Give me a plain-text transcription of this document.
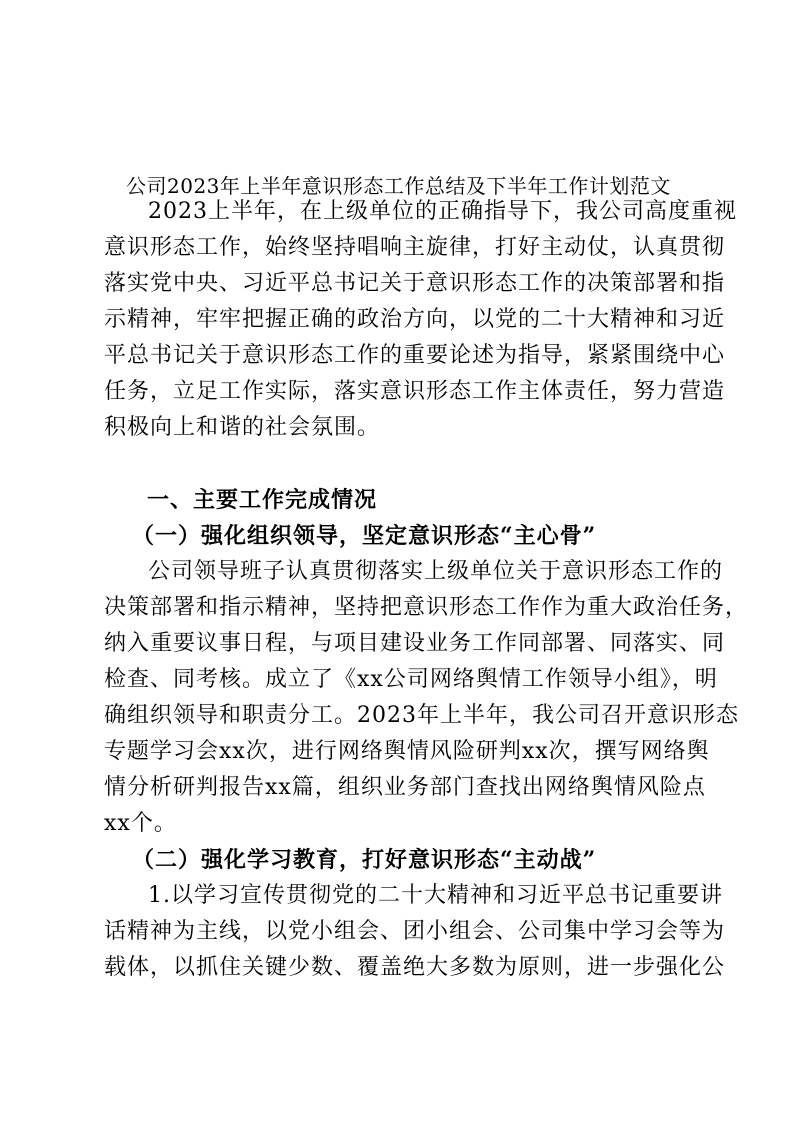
公司2023年上半年意识形态工作总结及下半年工作计划范文
2023上半年，在上级单位的正确指导下，我公司高度重视
意识形态工作，始终坚持唱响主旋律，打好主动仗，认真贯彻
落实党中央、习近平总书记关于意识形态工作的决策部署和指
示精神，牢牢把握正确的政治方向，以党的二十大精神和习近
平总书记关于意识形态工作的重要论述为指导，紧紧围绕中心
任务，立足工作实际，落实意识形态工作主体责任，努力营造
积极向上和谐的社会氛围。
一、主要工作完成情况
（一）强化组织领导，坚定意识形态“主心骨”
公司领导班子认真贯彻落实上级单位关于意识形态工作的
决策部署和指示精神，坚持把意识形态工作作为重大政治任务，
纳入重要议事日程，与项目建设业务工作同部署、同落实、同
检查、同考核。成立了《xx公司网络舆情工作领导小组》，明
确组织领导和职责分工。2023年上半年，我公司召开意识形态
专题学习会xx次，进行网络舆情风险研判xx次，撰写网络舆
情分析研判报告xx篇，组织业务部门查找出网络舆情风险点
xx个。
（二）强化学习教育，打好意识形态“主动战”
1.以学习宣传贯彻党的二十大精神和习近平总书记重要讲
话精神为主线，以党小组会、团小组会、公司集中学习会等为
载体，以抓住关键少数、覆盖绝大多数为原则，进一步强化公
